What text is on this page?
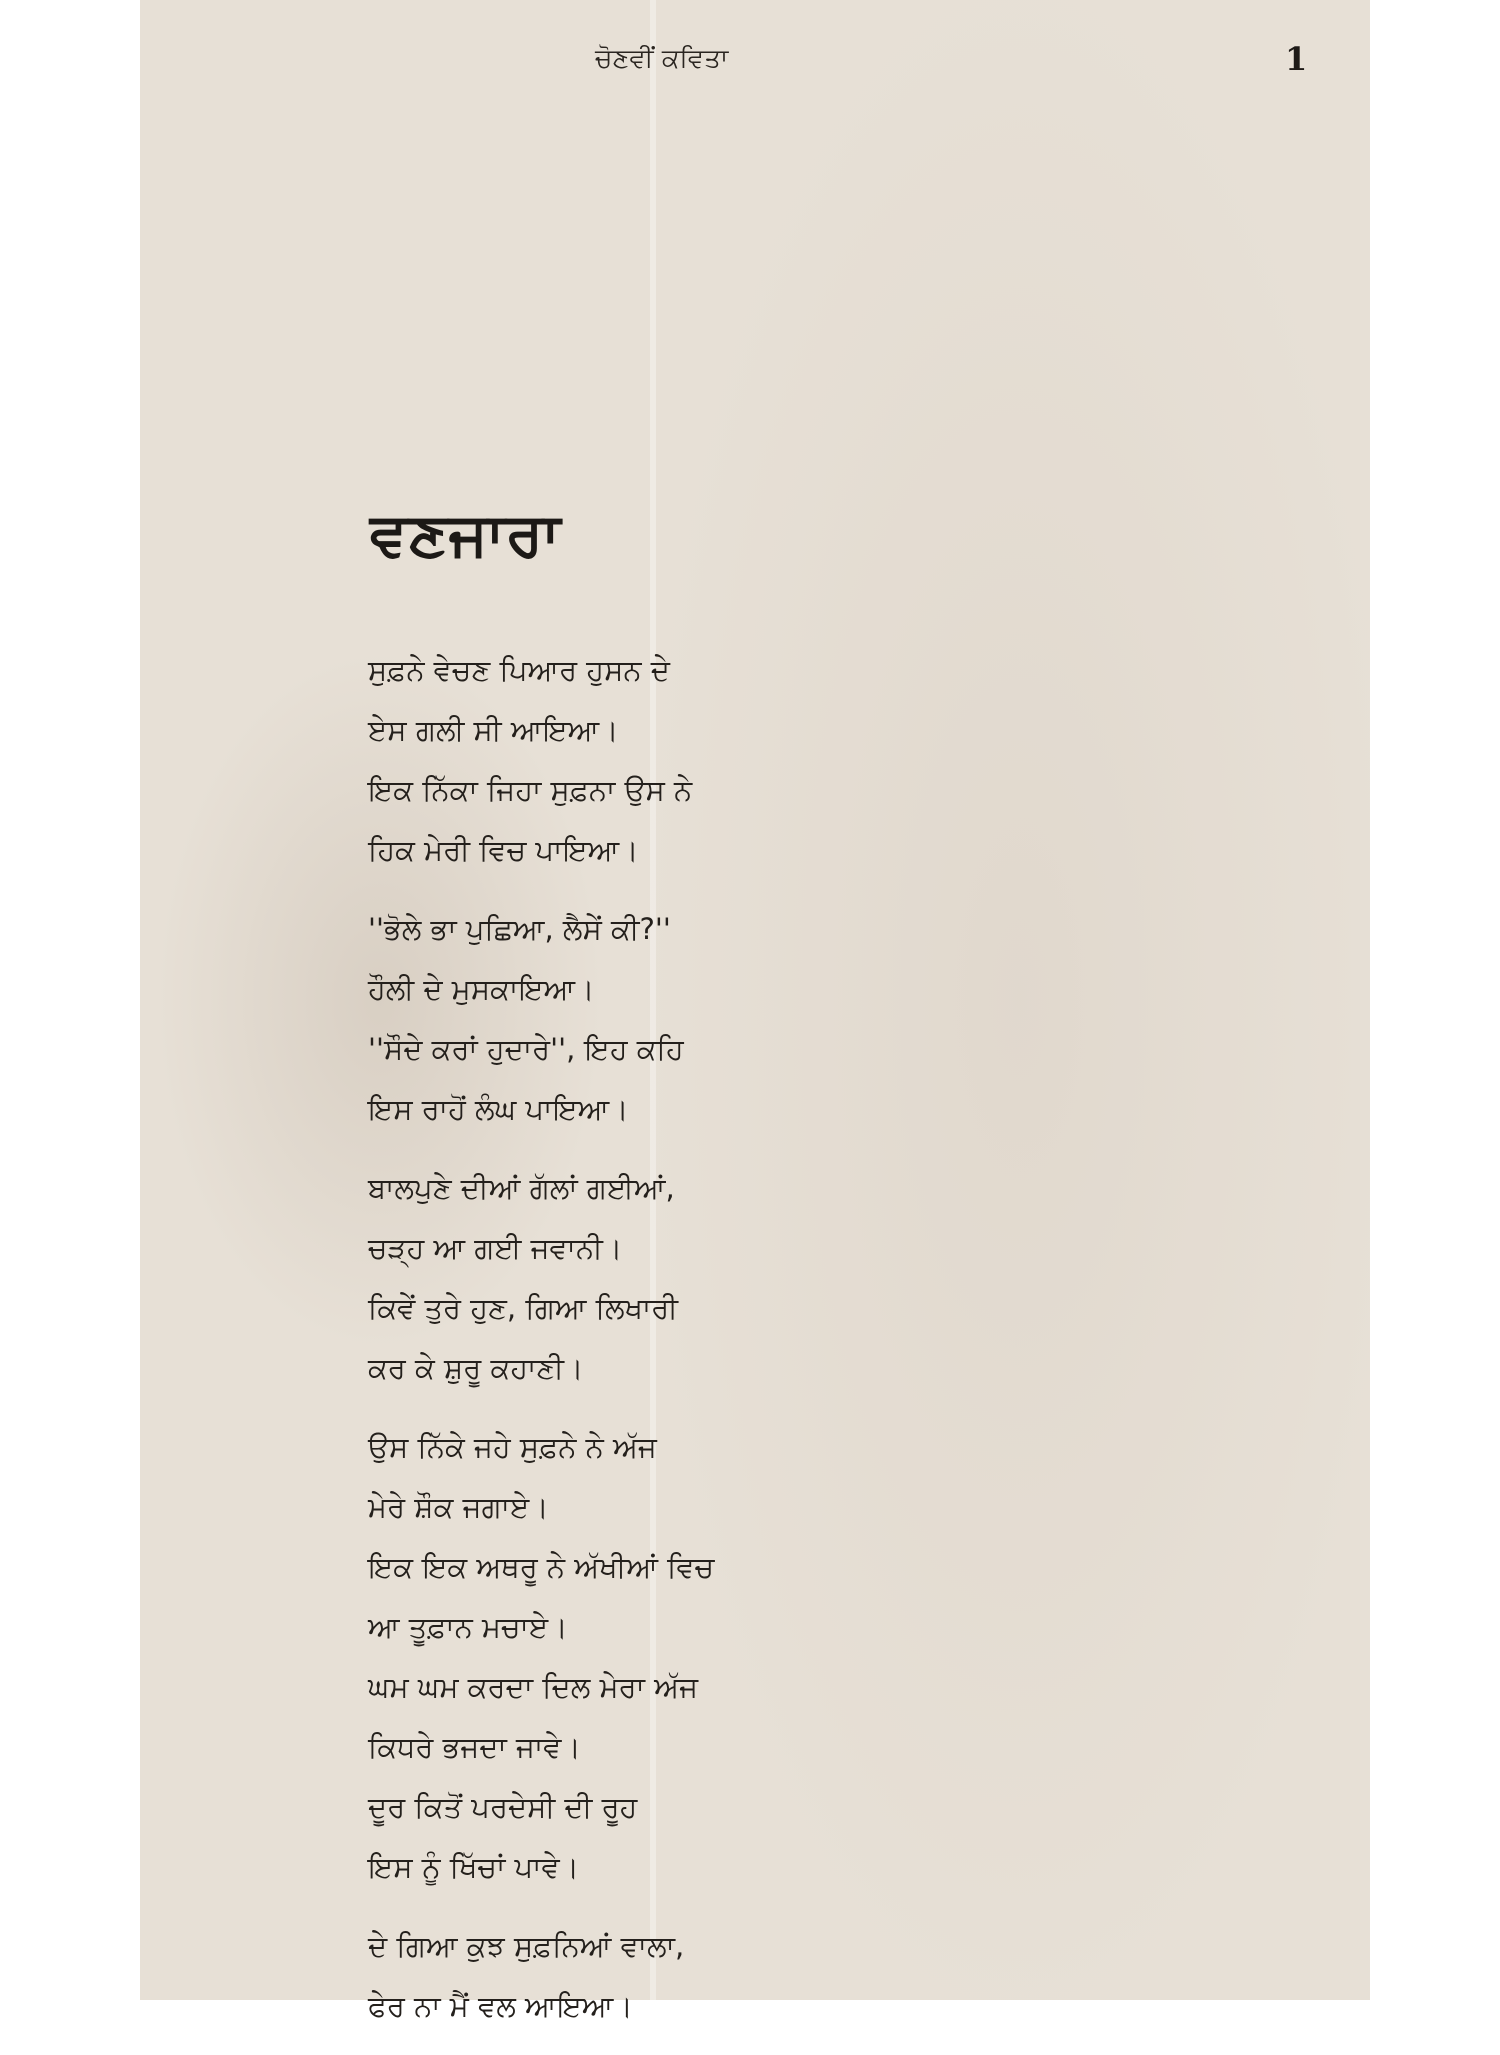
ਚੋਣਵੀਂ ਕਵਿਤਾ	1
ਵਣਜਾਰਾ
ਸੁਫ਼ਨੇ ਵੇਚਣ ਪਿਆਰ ਹੁਸਨ ਦੇ
ਏਸ ਗਲੀ ਸੀ ਆਇਆ।
ਇਕ ਨਿੱਕਾ ਜਿਹਾ ਸੁਫ਼ਨਾ ਉਸ ਨੇ
ਹਿਕ ਮੇਰੀ ਵਿਚ ਪਾਇਆ।
''ਭੋਲੇ ਭਾ ਪੁਛਿਆ, ਲੈਸੇਂ ਕੀ?''
ਹੌਲੀ ਦੇ ਮੁਸਕਾਇਆ।
''ਸੌਦੇ ਕਰਾਂ ਹੁਦਾਰੇ'', ਇਹ ਕਹਿ
ਇਸ ਰਾਹੋਂ ਲੰਘ ਪਾਇਆ।
ਬਾਲਪੁਣੇ ਦੀਆਂ ਗੱਲਾਂ ਗਈਆਂ,
ਚੜ੍ਹ ਆ ਗਈ ਜਵਾਨੀ।
ਕਿਵੇਂ ਤੁਰੇ ਹੁਣ, ਗਿਆ ਲਿਖਾਰੀ
ਕਰ ਕੇ ਸ਼ੁਰੂ ਕਹਾਣੀ।
ਉਸ ਨਿੱਕੇ ਜਹੇ ਸੁਫ਼ਨੇ ਨੇ ਅੱਜ
ਮੇਰੇ ਸ਼ੌਕ ਜਗਾਏ।
ਇਕ ਇਕ ਅਥਰੂ ਨੇ ਅੱਖੀਆਂ ਵਿਚ
ਆ ਤੂਫ਼ਾਨ ਮਚਾਏ।
ਘਮ ਘਮ ਕਰਦਾ ਦਿਲ ਮੇਰਾ ਅੱਜ
ਕਿਧਰੇ ਭਜਦਾ ਜਾਵੇ।
ਦੂਰ ਕਿਤੋਂ ਪਰਦੇਸੀ ਦੀ ਰੂਹ
ਇਸ ਨੂੰ ਖਿੱਚਾਂ ਪਾਵੇ।
ਦੇ ਗਿਆ ਕੁਝ ਸੁਫ਼ਨਿਆਂ ਵਾਲਾ,
ਫੇਰ ਨਾ ਮੈਂ ਵਲ ਆਇਆ।
